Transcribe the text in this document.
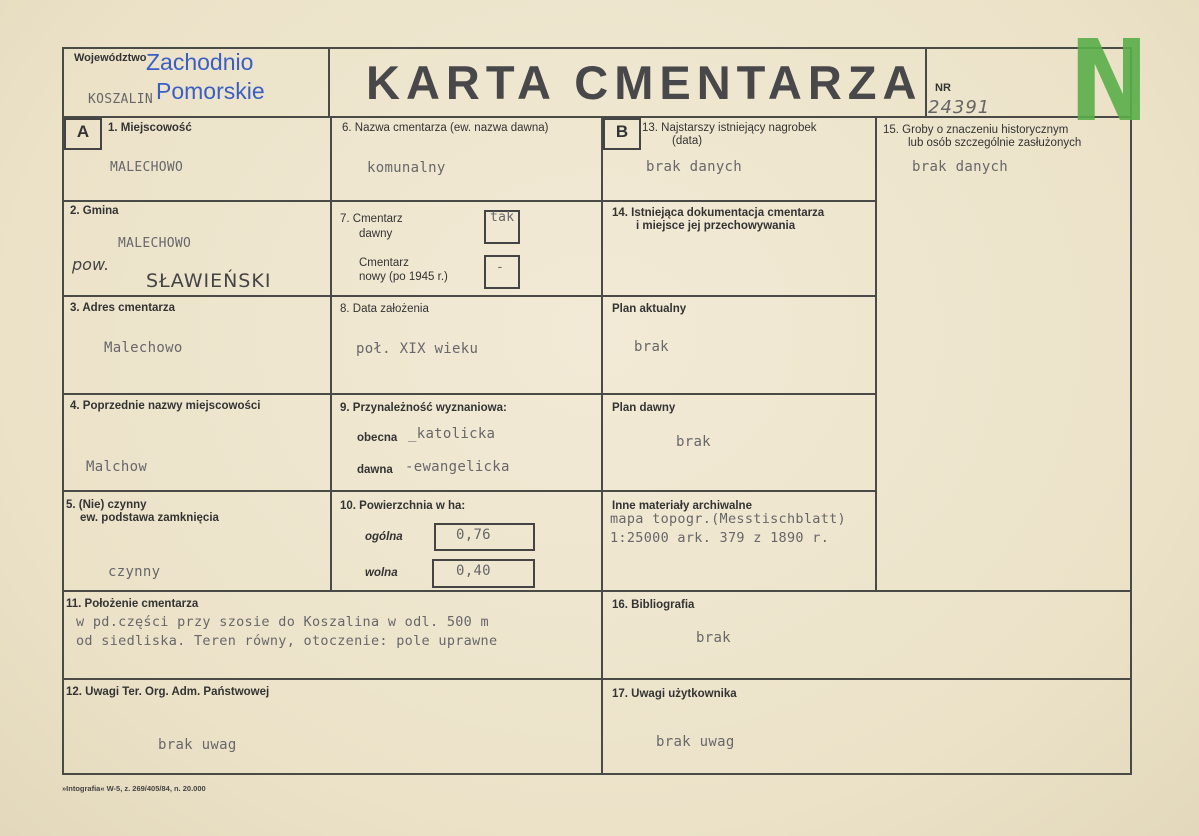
Województwo
KOSZALIN
Zachodnio
Pomorskie KARTA CMENTARZA NR
24391 N
A	B
1. Miejscowość
MALECHOWO
2. Gmina
MALECHOWO
pow.
SŁAWIEŃSKI
3. Adres cmentarza
Malechowo
4. Poprzednie nazwy miejscowości
Malchow
5. (Nie) czynny
ew. podstawa zamknięcia
czynny
6. Nazwa cmentarza (ew. nazwa dawna)
komunalny
7. Cmentarz
dawny
tak
Cmentarz
nowy (po 1945 r.)
-
8. Data założenia
poł. XIX wieku
9. Przynależność wyznaniowa:
obecna _katolicka
dawna -ewangelicka
10. Powierzchnia w ha:
ogólna	0,76
wolna	0,40
13. Najstarszy istniejący nagrobek
(data)
brak danych
14. Istniejąca dokumentacja cmentarza
i miejsce jej przechowywania
Plan aktualny
brak
Plan dawny
brak
Inne materiały archiwalne
mapa topogr.(Messtischblatt)
1:25000 ark. 379 z 1890 r.
15. Groby o znaczeniu historycznym
lub osób szczególnie zasłużonych
brak danych
11. Położenie cmentarza
w pd.części przy szosie do Koszalina w odl. 500 m
od siedliska. Teren równy, otoczenie: pole uprawne
16. Bibliografia
brak
12. Uwagi Ter. Org. Adm. Państwowej
brak uwag
17. Uwagi użytkownika
brak uwag
»Intografia« W-5, z. 269/405/84, n. 20.000
